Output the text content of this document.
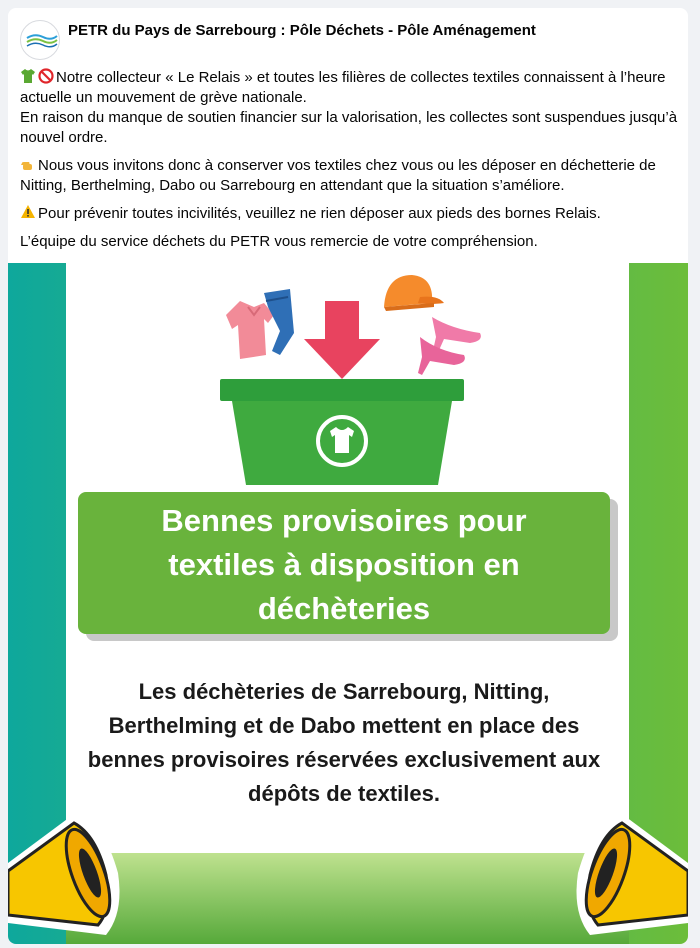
PETR du Pays de Sarrebourg : Pôle Déchets - Pôle Aménagement

Notre collecteur « Le Relais » et toutes les filières de collectes textiles connaissent à l’heure actuelle un mouvement de grève nationale.
En raison du manque de soutien financier sur la valorisation, les collectes sont suspendues jusqu’à nouvel ordre.

Nous vous invitons donc à conserver vos textiles chez vous ou les déposer en déchetterie de Nitting, Berthelming, Dabo ou Sarrebourg en attendant que la situation s’améliore.

Pour prévenir toutes incivilités, veuillez ne rien déposer aux pieds des bornes Relais.

L’équipe du service déchets du PETR vous remercie de votre compréhension.

Bennes provisoires pour
textiles à disposition en
déchèteries
Les déchèteries de Sarrebourg, Nitting,
Berthelming et de Dabo mettent en place des
bennes provisoires réservées exclusivement aux
dépôts de textiles.
